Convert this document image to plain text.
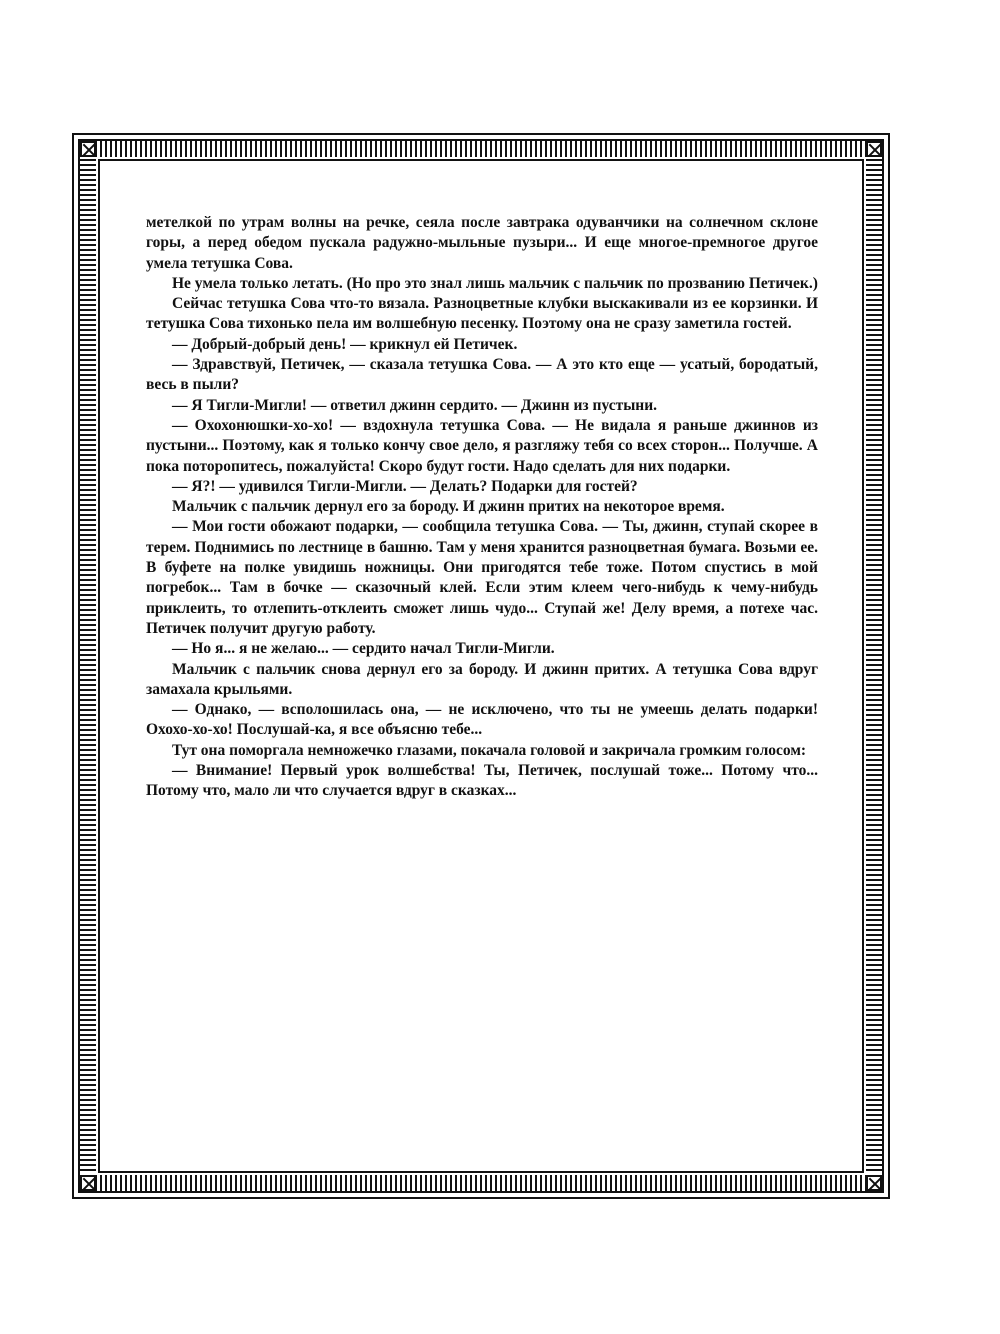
метелкой по утрам волны на речке, сеяла после завтрака одуванчики на солнечном склоне горы, а перед обедом пускала радужно-мыльные пузыри... И еще многое-премногое другое умела тетушка Сова.

Не умела только летать. (Но про это знал лишь мальчик с пальчик по прозванию Петичек.)

Сейчас тетушка Сова что-то вязала. Разноцветные клубки выскакивали из ее корзинки. И тетушка Сова тихонько пела им волшебную песенку. Поэтому она не сразу заметила гостей.

— Добрый-добрый день! — крикнул ей Петичек.

— Здравствуй, Петичек, — сказала тетушка Сова. — А это кто еще — усатый, бородатый, весь в пыли?

— Я Тигли-Мигли! — ответил джинн сердито. — Джинн из пустыни.

— Охохонюшки-хо-хо! — вздохнула тетушка Сова. — Не видала я раньше джиннов из пустыни... Поэтому, как я только кончу свое дело, я разгляжу тебя со всех сторон... Получше. А пока поторопитесь, пожалуйста! Скоро будут гости. Надо сделать для них подарки.

— Я?! — удивился Тигли-Мигли. — Делать? Подарки для гостей?

Мальчик с пальчик дернул его за бороду. И джинн притих на некоторое время.

— Мои гости обожают подарки, — сообщила тетушка Сова. — Ты, джинн, ступай скорее в терем. Поднимись по лестнице в башню. Там у меня хранится разноцветная бумага. Возьми ее. В буфете на полке увидишь ножницы. Они пригодятся тебе тоже. Потом спустись в мой погребок... Там в бочке — сказочный клей. Если этим клеем чего-нибудь к чему-нибудь приклеить, то отлепить-отклеить сможет лишь чудо... Ступай же! Делу время, а потехе час. Петичек получит другую работу.

— Но я... я не желаю... — сердито начал Тигли-Мигли.

Мальчик с пальчик снова дернул его за бороду. И джинн притих. А тетушка Сова вдруг замахала крыльями.

— Однако, — всполошилась она, — не исключено, что ты не умеешь делать подарки! Охохо-хо-хо! Послушай-ка, я все объясню тебе...

Тут она поморгала немножечко глазами, покачала головой и закричала громким голосом:

— Внимание! Первый урок волшебства! Ты, Петичек, послушай тоже... Потому что... Потому что, мало ли что случается вдруг в сказках...
